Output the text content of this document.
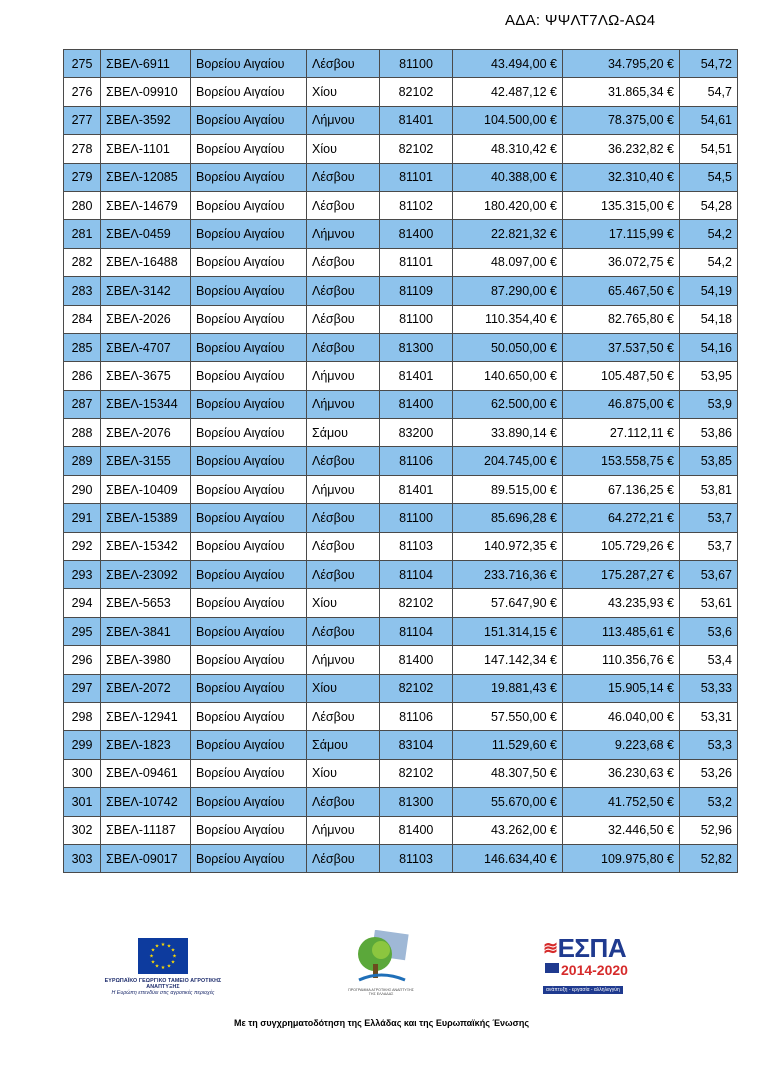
ΑΔΑ: ΨΨΛΤ7ΛΩ-ΑΩ4
275	ΣΒΕΛ-6911	Βορείου Αιγαίου	Λέσβου	81100	43.494,00 €	34.795,20 €	54,72
276	ΣΒΕΛ-09910	Βορείου Αιγαίου	Χίου	82102	42.487,12 €	31.865,34 €	54,7
277	ΣΒΕΛ-3592	Βορείου Αιγαίου	Λήμνου	81401	104.500,00 €	78.375,00 €	54,61
278	ΣΒΕΛ-1101	Βορείου Αιγαίου	Χίου	82102	48.310,42 €	36.232,82 €	54,51
279	ΣΒΕΛ-12085	Βορείου Αιγαίου	Λέσβου	81101	40.388,00 €	32.310,40 €	54,5
280	ΣΒΕΛ-14679	Βορείου Αιγαίου	Λέσβου	81102	180.420,00 €	135.315,00 €	54,28
281	ΣΒΕΛ-0459	Βορείου Αιγαίου	Λήμνου	81400	22.821,32 €	17.115,99 €	54,2
282	ΣΒΕΛ-16488	Βορείου Αιγαίου	Λέσβου	81101	48.097,00 €	36.072,75 €	54,2
283	ΣΒΕΛ-3142	Βορείου Αιγαίου	Λέσβου	81109	87.290,00 €	65.467,50 €	54,19
284	ΣΒΕΛ-2026	Βορείου Αιγαίου	Λέσβου	81100	110.354,40 €	82.765,80 €	54,18
285	ΣΒΕΛ-4707	Βορείου Αιγαίου	Λέσβου	81300	50.050,00 €	37.537,50 €	54,16
286	ΣΒΕΛ-3675	Βορείου Αιγαίου	Λήμνου	81401	140.650,00 €	105.487,50 €	53,95
287	ΣΒΕΛ-15344	Βορείου Αιγαίου	Λήμνου	81400	62.500,00 €	46.875,00 €	53,9
288	ΣΒΕΛ-2076	Βορείου Αιγαίου	Σάμου	83200	33.890,14 €	27.112,11 €	53,86
289	ΣΒΕΛ-3155	Βορείου Αιγαίου	Λέσβου	81106	204.745,00 €	153.558,75 €	53,85
290	ΣΒΕΛ-10409	Βορείου Αιγαίου	Λήμνου	81401	89.515,00 €	67.136,25 €	53,81
291	ΣΒΕΛ-15389	Βορείου Αιγαίου	Λέσβου	81100	85.696,28 €	64.272,21 €	53,7
292	ΣΒΕΛ-15342	Βορείου Αιγαίου	Λέσβου	81103	140.972,35 €	105.729,26 €	53,7
293	ΣΒΕΛ-23092	Βορείου Αιγαίου	Λέσβου	81104	233.716,36 €	175.287,27 €	53,67
294	ΣΒΕΛ-5653	Βορείου Αιγαίου	Χίου	82102	57.647,90 €	43.235,93 €	53,61
295	ΣΒΕΛ-3841	Βορείου Αιγαίου	Λέσβου	81104	151.314,15 €	113.485,61 €	53,6
296	ΣΒΕΛ-3980	Βορείου Αιγαίου	Λήμνου	81400	147.142,34 €	110.356,76 €	53,4
297	ΣΒΕΛ-2072	Βορείου Αιγαίου	Χίου	82102	19.881,43 €	15.905,14 €	53,33
298	ΣΒΕΛ-12941	Βορείου Αιγαίου	Λέσβου	81106	57.550,00 €	46.040,00 €	53,31
299	ΣΒΕΛ-1823	Βορείου Αιγαίου	Σάμου	83104	11.529,60 €	9.223,68 €	53,3
300	ΣΒΕΛ-09461	Βορείου Αιγαίου	Χίου	82102	48.307,50 €	36.230,63 €	53,26
301	ΣΒΕΛ-10742	Βορείου Αιγαίου	Λέσβου	81300	55.670,00 €	41.752,50 €	53,2
302	ΣΒΕΛ-11187	Βορείου Αιγαίου	Λήμνου	81400	43.262,00 €	32.446,50 €	52,96
303	ΣΒΕΛ-09017	Βορείου Αιγαίου	Λέσβου	81103	146.634,40 €	109.975,80 €	52,82
★ ★
★
★
★
★
★
★
★
★
★
★
ΕΥΡΩΠΑΪΚΟ ΓΕΩΡΓΙΚΟ ΤΑΜΕΙΟ ΑΓΡΟΤΙΚΗΣ ΑΝΑΠΤΥΞΗΣ
Η Ευρώπη επενδύει στις αγροτικές περιοχές	ΠΡΟΓΡΑΜΜΑ ΑΓΡΟΤΙΚΗΣ ΑΝΑΠΤΥΞΗΣ ΤΗΣ ΕΛΛΑΔΑΣ
≋ΕΣΠΑ
2014-2020
ανάπτυξη - εργασία - αλληλεγγύη
Με τη συγχρηματοδότηση της Ελλάδας και της Ευρωπαϊκής Ένωσης
